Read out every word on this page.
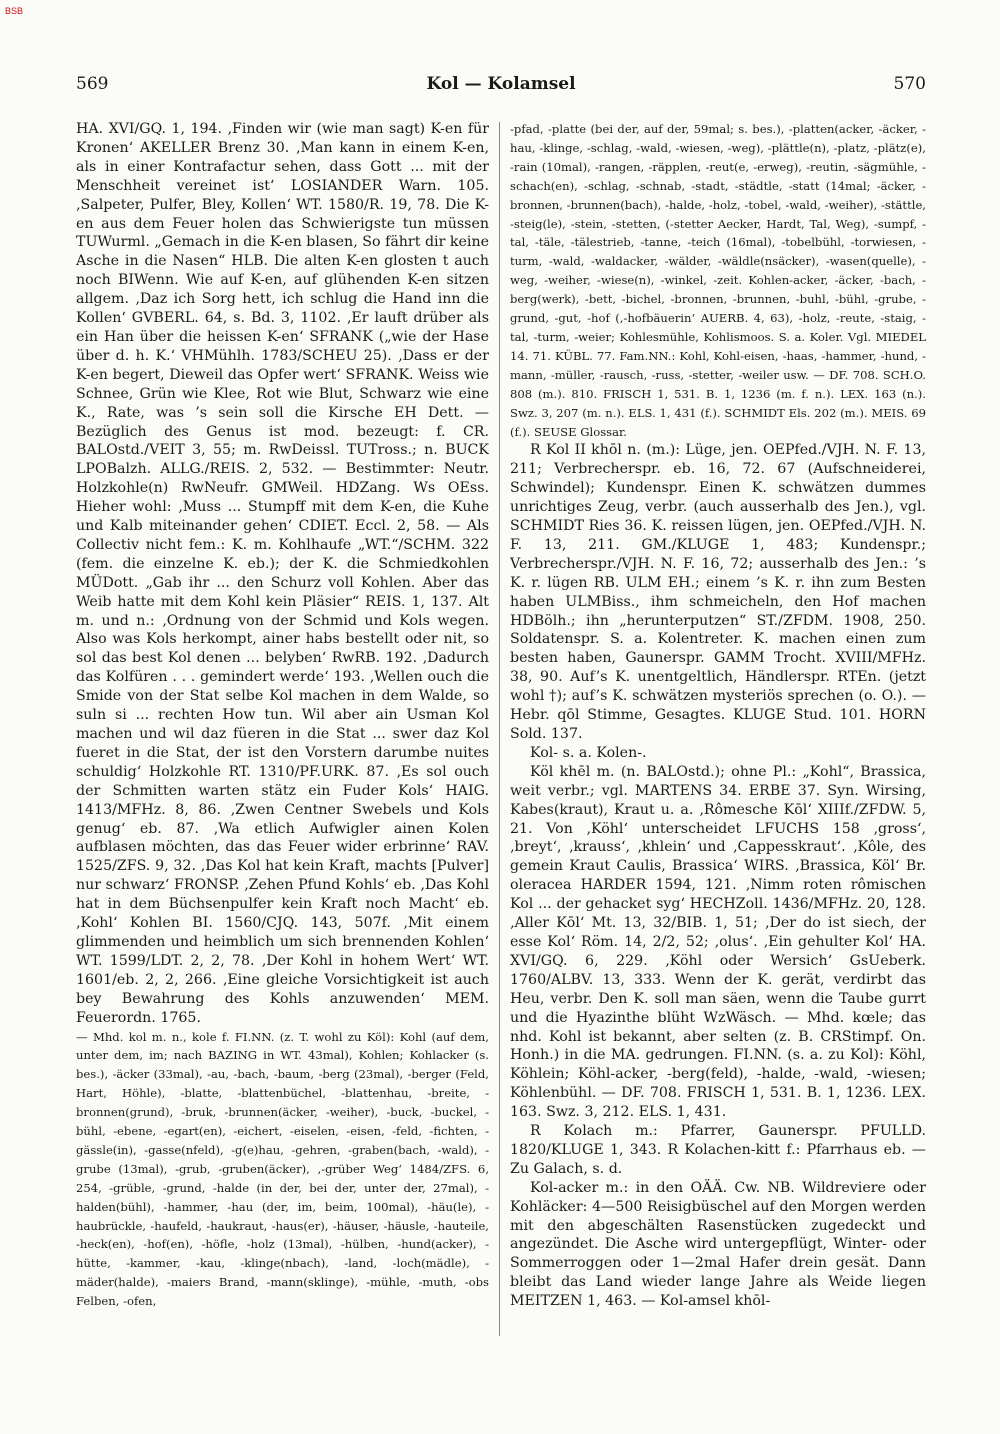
BSB
569	Kol — Kolamsel	570

HA. XVI/GQ. 1, 194. ‚Finden wir (wie man sagt) K-en für Kronen‘ AKELLER Brenz 30. ‚Man kann in einem K-en, als in einer Kontrafactur sehen, dass Gott ... mit der Menschheit vereinet ist‘ LOSIANDER Warn. 105. ‚Salpeter, Pulfer, Bley, Kollen‘ WT. 1580/R. 19, 78. Die K-en aus dem Feuer holen das Schwierigste tun müssen TUWurml. „Gemach in die K-en blasen, So fährt dir keine Asche in die Nasen“ HLB. Die alten K-en glosten t auch noch BIWenn. Wie auf K-en, auf glühenden K-en sitzen allgem. ‚Daz ich Sorg hett, ich schlug die Hand inn die Kollen‘ GVBERL. 64, s. Bd. 3, 1102. ‚Er lauft drüber als ein Han über die heissen K-en‘ SFRANK („wie der Hase über d. h. K.‘ VHMühlh. 1783/SCHEU 25). ‚Dass er der K-en begert, Dieweil das Opfer wert‘ SFRANK. Weiss wie Schnee, Grün wie Klee, Rot wie Blut, Schwarz wie eine K., Rate, was ’s sein soll die Kirsche EH Dett. — Bezüglich des Genus ist mod. bezeugt: f. CR. BALOstd./VEIT 3, 55; m. RwDeissl. TUTross.; n. BUCK LPOBalzh. ALLG./REIS. 2, 532. — Bestimmter: Neutr. Holzkohle(n) RwNeufr. GMWeil. HDZang. Ws OEss. Hieher wohl: ‚Muss ... Stumpff mit dem K-en, die Kuhe und Kalb miteinander gehen‘ CDIET. Eccl. 2, 58. — Als Collectiv nicht fem.: K. m. Kohlhaufe „WT.“/SCHM. 322 (fem. die einzelne K. eb.); der K. die Schmiedkohlen MÜDott. „Gab ihr ... den Schurz voll Kohlen. Aber das Weib hatte mit dem Kohl kein Pläsier“ REIS. 1, 137. Alt m. und n.: ‚Ordnung von der Schmid und Kols wegen. Also was Kols herkompt, ainer habs bestellt oder nit, so sol das best Kol denen ... belyben‘ RwRB. 192. ‚Dadurch das Kolfüren . . . gemindert werde‘ 193. ‚Wellen ouch die Smide von der Stat selbe Kol machen in dem Walde, so suln si ... rechten How tun. Wil aber ain Usman Kol machen und wil daz füeren in die Stat ... swer daz Kol fueret in die Stat, der ist den Vorstern darumbe nuites schuldig‘ Holzkohle RT. 1310/PF.URK. 87. ‚Es sol ouch der Schmitten warten stätz ein Fuder Kols‘ HAIG. 1413/MFHz. 8, 86. ‚Zwen Centner Swebels und Kols genug‘ eb. 87. ‚Wa etlich Aufwigler ainen Kolen aufblasen möchten, das das Feuer wider erbrinne‘ RAV. 1525/ZFS. 9, 32. ‚Das Kol hat kein Kraft, machts [Pulver] nur schwarz‘ FRONSP. ‚Zehen Pfund Kohls‘ eb. ‚Das Kohl hat in dem Büchsenpulfer kein Kraft noch Macht‘ eb. ‚Kohl‘ Kohlen BI. 1560/CJQ. 143, 507f. ‚Mit einem glimmenden und heimblich um sich brennenden Kohlen‘ WT. 1599/LDT. 2, 2, 78. ‚Der Kohl in hohem Wert‘ WT. 1601/eb. 2, 2, 266. ‚Eine gleiche Vorsichtigkeit ist auch bey Bewahrung des Kohls anzuwenden‘ MEM. Feuerordn. 1765.

— Mhd. kol m. n., kole f. FI.NN. (z. T. wohl zu Köl): Kohl (auf dem, unter dem, im; nach BAZING in WT. 43mal), Kohlen; Kohlacker (s. bes.), -äcker (33mal), -au, -bach, -baum, -berg (23mal), -berger (Feld, Hart, Höhle), -blatte, -blattenbüchel, -blattenhau, -breite, -bronnen(grund), -bruk, -brunnen(äcker, -weiher), -buck, -buckel, -bühl, -ebene, -egart(en), -eichert, -eiselen, -eisen, -feld, -fichten, -gässle(in), -gasse(nfeld), -g(e)hau, -gehren, -graben(bach, -wald), -grube (13mal), -grub, -gruben(äcker), ‚-grüber Weg‘ 1484/ZFS. 6, 254, -grüble, -grund, -halde (in der, bei der, unter der, 27mal), -halden(bühl), -hammer, -hau (der, im, beim, 100mal), -häu(le), -haubrückle, -haufeld, -haukraut, -haus(er), -häuser, -häusle, -hauteile, -heck(en), -hof(en), -höfle, -holz (13mal), -hülben, -hund(acker), -hütte, -kammer, -kau, -klinge(nbach), -land, -loch(mädle), -mäder(halde), -maiers Brand, -mann(sklinge), -mühle, -muth, -obs Felben, -ofen,

-pfad, -platte (bei der, auf der, 59mal; s. bes.), -platten(acker, -äcker, -hau, -klinge, -schlag, -wald, -wiesen, -weg), -plättle(n), -platz, -plätz(e), -rain (10mal), -rangen, -räpplen, -reut(e, -erweg), -reutin, -sägmühle, -schach(en), -schlag, -schnab, -stadt, -städtle, -statt (14mal; -äcker, -bronnen, -brunnen(bach), -halde, -holz, -tobel, -wald, -weiher), -stättle, -steig(le), -stein, -stetten, (-stetter Aecker, Hardt, Tal, Weg), -sumpf, -tal, -täle, -tälestrieb, -tanne, -teich (16mal), -tobelbühl, -torwiesen, -turm, -wald, -waldacker, -wälder, -wäldle(nsäcker), -wasen(quelle), -weg, -weiher, -wiese(n), -winkel, -zeit. Kohlen-acker, -äcker, -bach, -berg(werk), -bett, -bichel, -bronnen, -brunnen, -buhl, -bühl, -grube, -grund, -gut, -hof (‚-hofbäuerin‘ AUERB. 4, 63), -holz, -reute, -staig, -tal, -turm, -weier; Kohlesmühle, Kohlismoos. S. a. Koler. Vgl. MIEDEL 14. 71. KÜBL. 77. Fam.NN.: Kohl, Kohl-eisen, -haas, -hammer, -hund, -mann, -müller, -rausch, -russ, -stetter, -weiler usw. — DF. 708. SCH.O. 808 (m.). 810. FRISCH 1, 531. B. 1, 1236 (m. f. n.). LEX. 163 (n.). Swz. 3, 207 (m. n.). ELS. 1, 431 (f.). SCHMIDT Els. 202 (m.). MEIS. 69 (f.). SEUSE Glossar.

R Kol II khōl n. (m.): Lüge, jen. OEPfed./VJH. N. F. 13, 211; Verbrecherspr. eb. 16, 72. 67 (Aufschneiderei, Schwindel); Kundenspr. Einen K. schwätzen dummes unrichtiges Zeug, verbr. (auch ausserhalb des Jen.), vgl. SCHMIDT Ries 36. K. reissen lügen, jen. OEPfed./VJH. N. F. 13, 211. GM./KLUGE 1, 483; Kundenspr.; Verbrecherspr./VJH. N. F. 16, 72; ausserhalb des Jen.: ’s K. r. lügen RB. ULM EH.; einem ’s K. r. ihn zum Besten haben ULMBiss., ihm schmeicheln, den Hof machen HDBölh.; ihn „herunterputzen“ ST./ZFDM. 1908, 250. Soldatenspr. S. a. Kolentreter. K. machen einen zum besten haben, Gaunerspr. GAMM Trocht. XVIII/MFHz. 38, 90. Auf’s K. unentgeltlich, Händlerspr. RTEn. (jetzt wohl †); auf’s K. schwätzen mysteriös sprechen (o. O.). — Hebr. qōl Stimme, Gesagtes. KLUGE Stud. 101. HORN Sold. 137.

Kol- s. a. Kolen-.

Köl khēl m. (n. BALOstd.); ohne Pl.: „Kohl“, Brassica, weit verbr.; vgl. MARTENS 34. ERBE 37. Syn. Wirsing, Kabes(kraut), Kraut u. a. ‚Rômesche Kōl‘ XIIIf./ZFDW. 5, 21. Von ‚Köhl‘ unterscheidet LFUCHS 158 ‚gross‘, ‚breyt‘, ‚krauss‘, ‚khlein‘ und ‚Cappesskraut‘. ‚Kôle, des gemein Kraut Caulis, Brassica‘ WIRS. ‚Brassica, Köl‘ Br. oleracea HARDER 1594, 121. ‚Nimm roten rômischen Kol ... der gehacket syg‘ HECHZoll. 1436/MFHz. 20, 128. ‚Aller Kōl‘ Mt. 13, 32/BIB. 1, 51; ‚Der do ist siech, der esse Kol‘ Röm. 14, 2/2, 52; ‚olus‘. ‚Ein gehulter Kol‘ HA. XVI/GQ. 6, 229. ‚Köhl oder Wersich‘ GsUeberk. 1760/ALBV. 13, 333. Wenn der K. gerät, verdirbt das Heu, verbr. Den K. soll man säen, wenn die Taube gurrt und die Hyazinthe blüht WzWäsch. — Mhd. kœle; das nhd. Kohl ist bekannt, aber selten (z. B. CRStimpf. On. Honh.) in die MA. gedrungen. FI.NN. (s. a. zu Kol): Köhl, Köhlein; Köhl-acker, -berg(feld), -halde, -wald, -wiesen; Köhlenbühl. — DF. 708. FRISCH 1, 531. B. 1, 1236. LEX. 163. Swz. 3, 212. ELS. 1, 431.

R Kolach m.: Pfarrer, Gaunerspr. PFULLD. 1820/KLUGE 1, 343. R Kolachen-kitt f.: Pfarrhaus eb. — Zu Galach, s. d.

Kol-acker m.: in den OÄÄ. Cw. NB. Wildreviere oder Kohläcker: 4—500 Reisigbüschel auf den Morgen werden mit den abgeschälten Rasenstücken zugedeckt und angezündet. Die Asche wird untergepflügt, Winter- oder Sommerroggen oder 1—2mal Hafer drein gesät. Dann bleibt das Land wieder lange Jahre als Weide liegen MEITZEN 1, 463. — Kol-amsel khōl-
